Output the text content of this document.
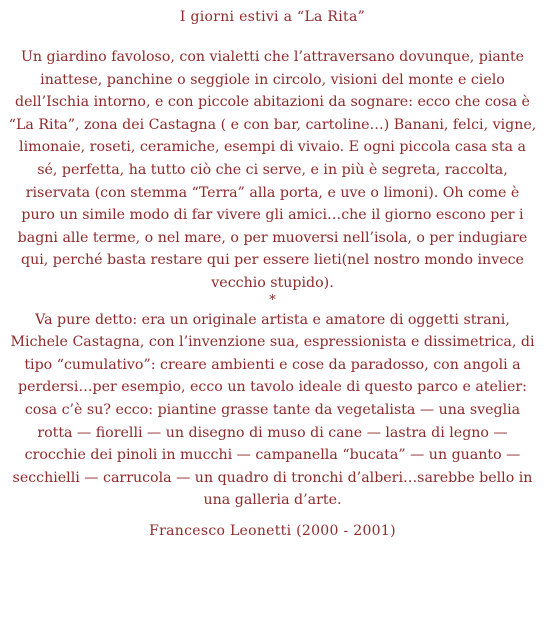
I giorni estivi a “La Rita”

Un giardino favoloso, con vialetti che l’attraversano dovunque, piante inattese, panchine o seggiole in circolo, visioni del monte e cielo dell’Ischia intorno, e con piccole abitazioni da sognare: ecco che cosa è “La Rita”, zona dei Castagna ( e con bar, cartoline…) Banani, felci, vigne, limonaie, roseti, ceramiche, esempi di vivaio. E ogni piccola casa sta a sé, perfetta, ha tutto ciò che ci serve, e in più è segreta, raccolta, riservata (con stemma “Terra” alla porta, e uve o limoni). Oh come è puro un simile modo di far vivere gli amici…che il giorno escono per i bagni alle terme, o nel mare, o per muoversi nell’isola, o per indugiare qui, perché basta restare qui per essere lieti(nel nostro mondo invece vecchio stupido).

*

Va pure detto: era un originale artista e amatore di oggetti strani, Michele Castagna, con l’invenzione sua, espressionista e dissimetrica, di tipo “cumulativo”: creare ambienti e cose da paradosso, con angoli a perdersi…per esempio, ecco un tavolo ideale di questo parco e atelier: cosa c’è su? ecco: piantine grasse tante da vegetalista — una sveglia rotta — fiorelli — un disegno di muso di cane — lastra di legno — crocchie dei pinoli in mucchi — campanella “bucata” — un guanto — secchielli — carrucola — un quadro di tronchi d’alberi…sarebbe bello in una galleria d’arte.

Francesco Leonetti (2000 - 2001)
